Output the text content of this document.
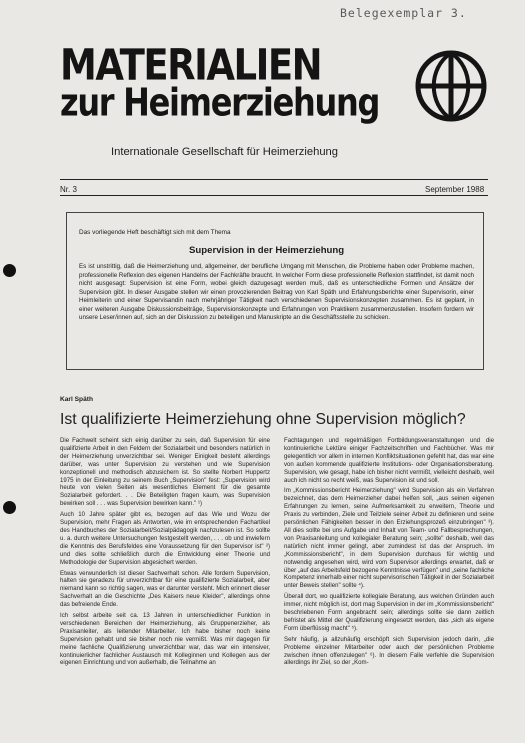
Belegexemplar 3.
MATERIALIEN
zur Heimerziehung
Internationale Gesellschaft für Heimerziehung
Nr. 3	September 1988
Das vorliegende Heft beschäftigt sich mit dem Thema
Supervision in der Heimerziehung
Es ist unstrittig, daß die Heimerziehung und, allgemeiner, der berufliche Umgang mit Menschen, die Probleme haben oder Probleme machen, professionelle Reflexion des eigenen Handelns der Fachkräfte braucht. In welcher Form diese professionelle Reflexion stattfindet, ist damit noch nicht ausgesagt: Supervision ist eine Form, wobei gleich dazugesagt werden muß, daß es unterschiedliche Formen und Ansätze der Supervision gibt. In dieser Ausgabe stellen wir einen provozierenden Beitrag von Karl Späth und Erfahrungsberichte einer Supervisorin, einer Heimleiterin und einer Supervisandin nach mehrjähriger Tätigkeit nach verschiedenen Supervisionskonzepten zusammen. Es ist geplant, in einer weiteren Ausgabe Diskussionsbeiträge, Supervisionskonzepte und Erfahrungen von Praktikern zusammenzustellen. Insofern fordern wir unsere Leser/innen auf, sich an der Diskussion zu beteiligen und Manuskripte an die Geschäftsstelle zu schicken.
Karl Späth
Ist qualifizierte Heimerziehung ohne Supervision möglich?

Die Fachwelt scheint sich einig darüber zu sein, daß Supervision für eine qualifizierte Arbeit in den Feldern der Sozialarbeit und besonders natürlich in der Heimerziehung unverzichtbar sei. Weniger Einigkeit besteht allerdings darüber, was unter Supervision zu verstehen und wie Supervision konzeptionell und methodisch abzusichern ist. So stellte Norbert Huppertz 1975 in der Einleitung zu seinem Buch „Supervision" fest: „Supervision wird heute von vielen Seiten als wesentliches Element für die gesamte Sozialarbeit gefordert. . . Die Beteiligten fragen kaum, was Supervision bewirken soll . . . was Supervision bewirken kann." ¹)

Auch 10 Jahre später gibt es, bezogen auf das Wie und Wozu der Supervision, mehr Fragen als Antworten, wie im entsprechenden Fachartikel des Handbuches der Sozialarbeit/Sozialpädagogik nachzulesen ist. So sollte u. a. durch weitere Untersuchungen festgestellt werden, . . . ob und inwiefern die Kenntnis des Berufsfeldes eine Voraussetzung für den Supervisor ist" ²) und dies sollte schließlich durch die Entwicklung einer Theorie und Methodologie der Supervision abgesichert werden.

Etwas verwunderlich ist dieser Sachverhalt schon. Alle fordern Supervision, halten sie geradezu für unverzichtbar für eine qualifizierte Sozialarbeit, aber niemand kann so richtig sagen, was er darunter versteht. Mich erinnert dieser Sachverhalt an die Geschichte „Des Kaisers neue Kleider", allerdings ohne das befreiende Ende.

Ich selbst arbeite seit ca. 13 Jahren in unterschiedlicher Funktion in verschiedenen Bereichen der Heimerziehung, als Gruppenerzieher, als Praxisanleiter, als leitender Mitarbeiter. Ich habe bisher noch keine Supervision gehabt und sie bisher noch nie vermißt. Was mir dagegen für meine fachliche Qualifizierung unverzichtbar war, das war ein intensiver, kontinuierlicher fachlicher Austausch mit Kolleginnen und Kollegen aus der eigenen Einrichtung und von außerhalb, die Teilnahme an

Fachtagungen und regelmäßigen Fortbildungsveranstaltungen und die kontinuierliche Lektüre einiger Fachzeitschriften und Fachbücher. Was mir gelegentlich vor allem in internen Konfliktsituationen gefehlt hat, das war eine von außen kommende qualifizierte Institutions- oder Organisationsberatung. Supervision, wie gesagt, habe ich bisher nicht vermißt, vielleicht deshalb, weil auch ich nicht so recht weiß, was Supervision ist und soll.

Im „Kommissionsbericht Heimerziehung" wird Supervision als ein Verfahren bezeichnet, das dem Heimerzieher dabei helfen soll, „aus seinen eigenen Erfahrungen zu lernen, seine Aufmerksamkeit zu erweitern, Theorie und Praxis zu verbinden, Ziele und Teilziele seiner Arbeit zu definieren und seine persönlichen Fähigkeiten besser in den Erziehungsprozeß einzubringen" ³). All dies sollte bei uns Aufgabe und Inhalt von Team- und Fallbesprechungen, von Praxisanleitung und kollegialer Beratung sein; „sollte" deshalb, weil das natürlich nicht immer gelingt, aber zumindest ist das der Anspruch. Im „Kommissionsbericht", in dem Supervision durchaus für wichtig und notwendig angesehen wird, wird vom Supervisor allerdings erwartet, daß er über „auf das Arbeitsfeld bezogene Kenntnisse verfügen" und „seine fachliche Kompetenz innerhalb einer nicht supervisorischen Tätigkeit in der Sozialarbeit unter Beweis stellen" sollte ⁴).

Überall dort, wo qualifizierte kollegiale Beratung, aus welchen Gründen auch immer, nicht möglich ist, dort mag Supervision in der im „Kommissionsbericht" beschriebenen Form angebracht sein; allerdings sollte sie dann zeitlich befristet als Mittel der Qualifizierung eingesetzt werden, das „sich als eigene Form überflüssig macht" ⁵).

Sehr häufig, ja allzuhäufig erschöpft sich Supervision jedoch darin, „die Probleme einzelner Mitarbeiter oder auch der persönlichen Probleme zwischen ihnen offenzulegen" ⁶). In diesem Falle verfehle die Supervision allerdings ihr Ziel, so der „Kom-
